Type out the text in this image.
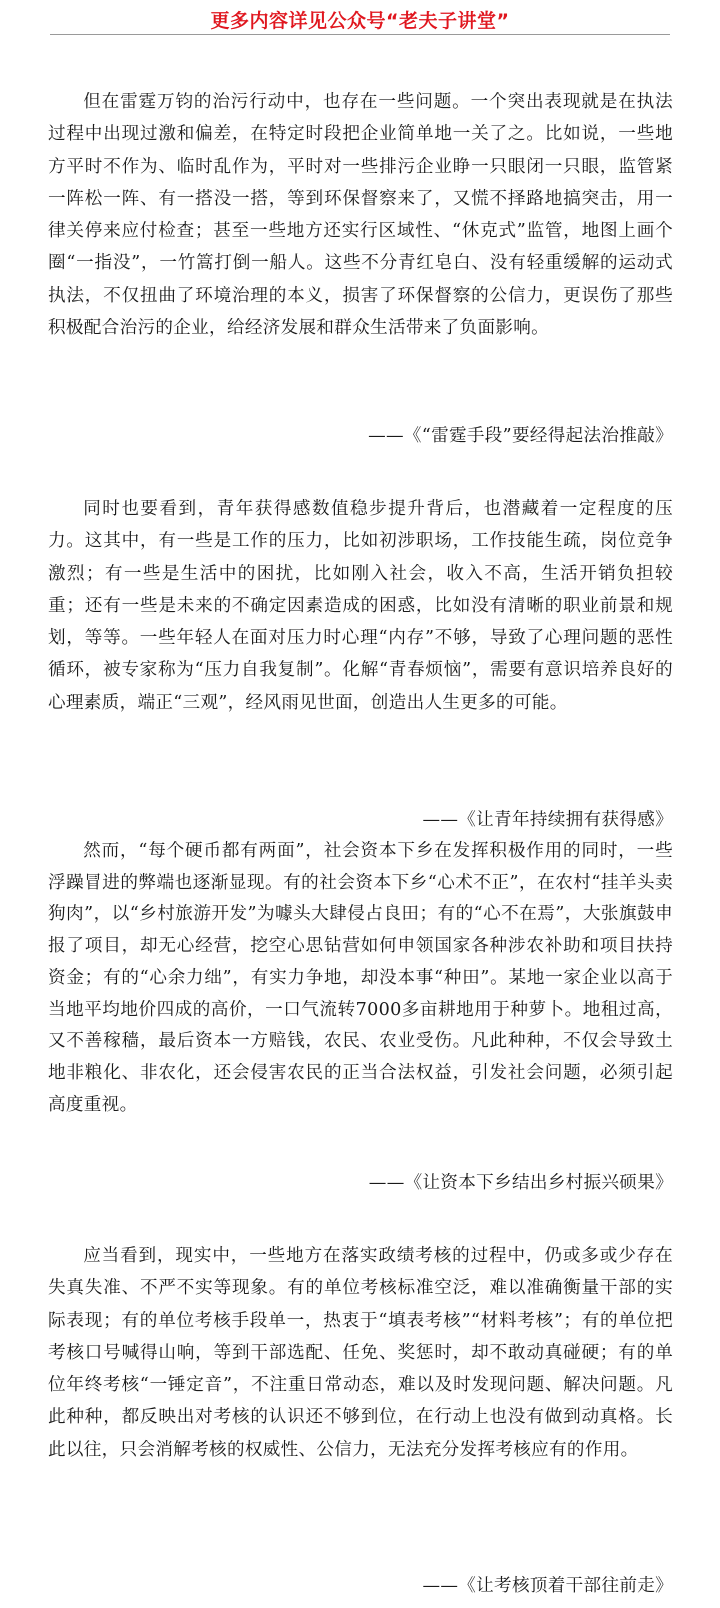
更多内容详见公众号“老夫子讲堂”

但在雷霆万钧的治污行动中，也存在一些问题。一个突出表现就是在执法过程中出现过激和偏差，在特定时段把企业简单地一关了之。比如说，一些地方平时不作为、临时乱作为，平时对一些排污企业睁一只眼闭一只眼，监管紧一阵松一阵、有一搭没一搭，等到环保督察来了，又慌不择路地搞突击，用一律关停来应付检查；甚至一些地方还实行区域性、“休克式”监管，地图上画个圈“一指没”，一竹篙打倒一船人。这些不分青红皂白、没有轻重缓解的运动式执法，不仅扭曲了环境治理的本义，损害了环保督察的公信力，更误伤了那些积极配合治污的企业，给经济发展和群众生活带来了负面影响。

——《“雷霆手段”要经得起法治推敲》

同时也要看到，青年获得感数值稳步提升背后，也潜藏着一定程度的压力。这其中，有一些是工作的压力，比如初涉职场，工作技能生疏，岗位竞争激烈；有一些是生活中的困扰，比如刚入社会，收入不高，生活开销负担较重；还有一些是未来的不确定因素造成的困惑，比如没有清晰的职业前景和规划，等等。一些年轻人在面对压力时心理“内存”不够，导致了心理问题的恶性循环，被专家称为“压力自我复制”。化解“青春烦恼”，需要有意识培养良好的心理素质，端正“三观”，经风雨见世面，创造出人生更多的可能。

——《让青年持续拥有获得感》

然而，“每个硬币都有两面”，社会资本下乡在发挥积极作用的同时，一些浮躁冒进的弊端也逐渐显现。有的社会资本下乡“心术不正”，在农村“挂羊头卖狗肉”，以“乡村旅游开发”为噱头大肆侵占良田；有的“心不在焉”，大张旗鼓申报了项目，却无心经营，挖空心思钻营如何申领国家各种涉农补助和项目扶持资金；有的“心余力绌”，有实力争地，却没本事“种田”。某地一家企业以高于当地平均地价四成的高价，一口气流转7000多亩耕地用于种萝卜。地租过高，又不善稼穑，最后资本一方赔钱，农民、农业受伤。凡此种种，不仅会导致土地非粮化、非农化，还会侵害农民的正当合法权益，引发社会问题，必须引起高度重视。

——《让资本下乡结出乡村振兴硕果》

应当看到，现实中，一些地方在落实政绩考核的过程中，仍或多或少存在失真失准、不严不实等现象。有的单位考核标准空泛，难以准确衡量干部的实际表现；有的单位考核手段单一，热衷于“填表考核”“材料考核”；有的单位把考核口号喊得山响，等到干部选配、任免、奖惩时，却不敢动真碰硬；有的单位年终考核“一锤定音”，不注重日常动态，难以及时发现问题、解决问题。凡此种种，都反映出对考核的认识还不够到位，在行动上也没有做到动真格。长此以往，只会消解考核的权威性、公信力，无法充分发挥考核应有的作用。

——《让考核顶着干部往前走》
